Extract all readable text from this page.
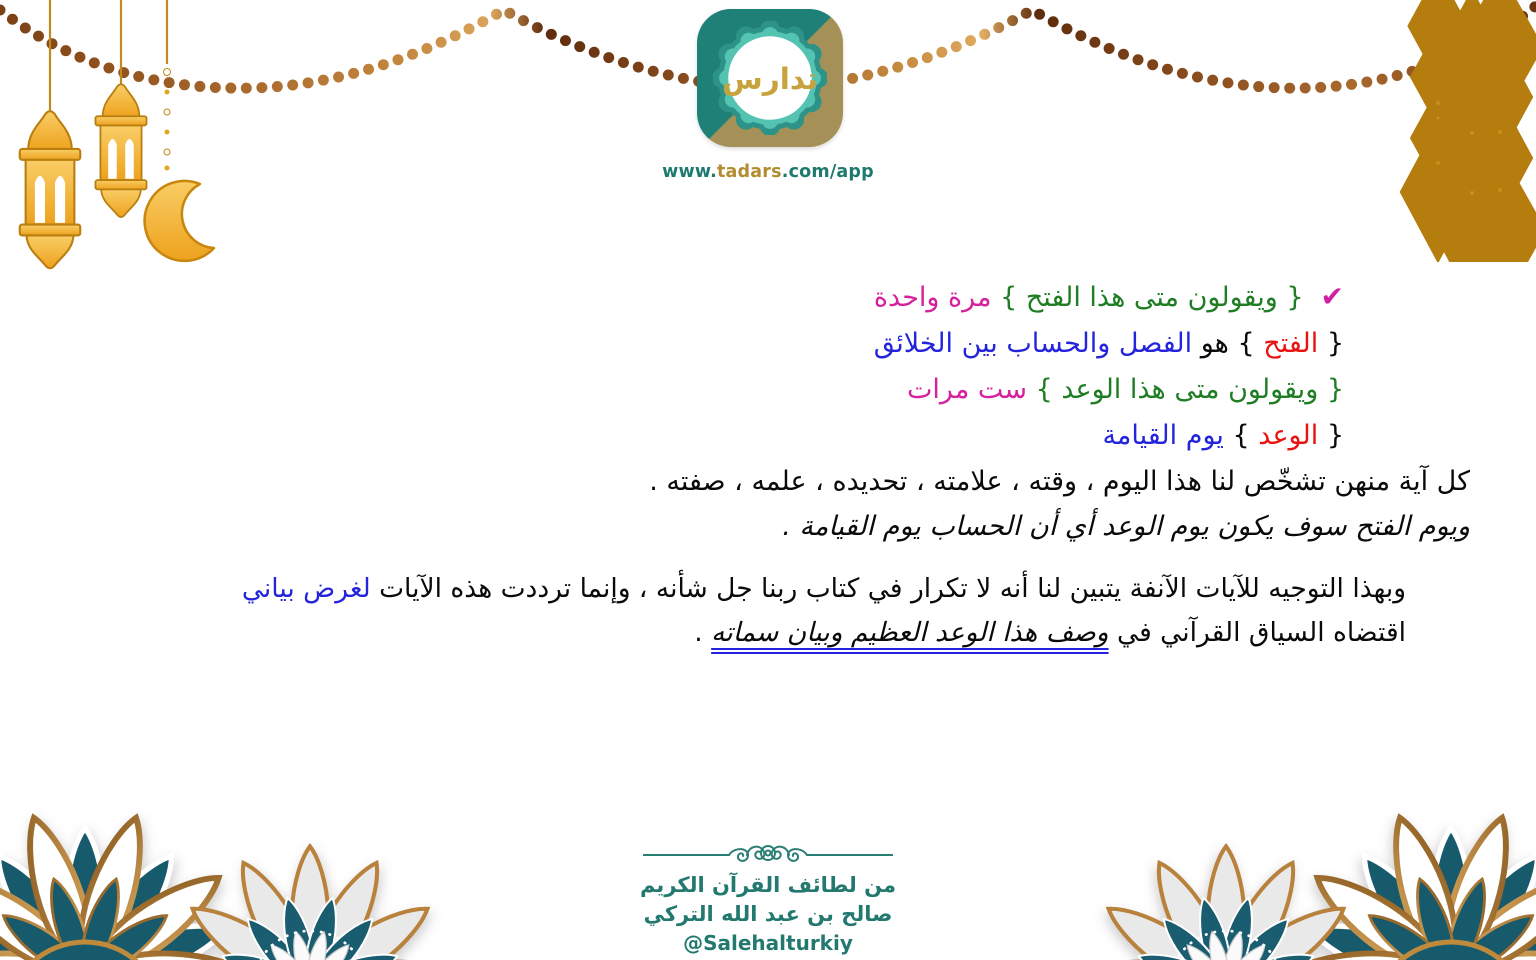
تدارس
www.tadars.com/app
✔{ ويقولون متى هذا الفتح } مرة واحدة
{ الفتح } هو الفصل والحساب بين الخلائق
{ ويقولون متى هذا الوعد } ست مرات
{ الوعد } يوم القيامة
كل آية منهن تشخّص لنا هذا اليوم ، وقته ، علامته ، تحديده ، علمه ، صفته .
ويوم الفتح سوف يكون يوم الوعد أي أن الحساب يوم القيامة .
وبهذا التوجيه للآيات الآنفة يتبين لنا أنه لا تكرار في كتاب ربنا جل شأنه ، وإنما ترددت هذه الآيات لغرض بياني
اقتضاه السياق القرآني في وصف هذا الوعد العظيم وبيان سماته .
من لطائف القرآن الكريم
صالح بن عبد الله التركي
@Salehalturkiy
